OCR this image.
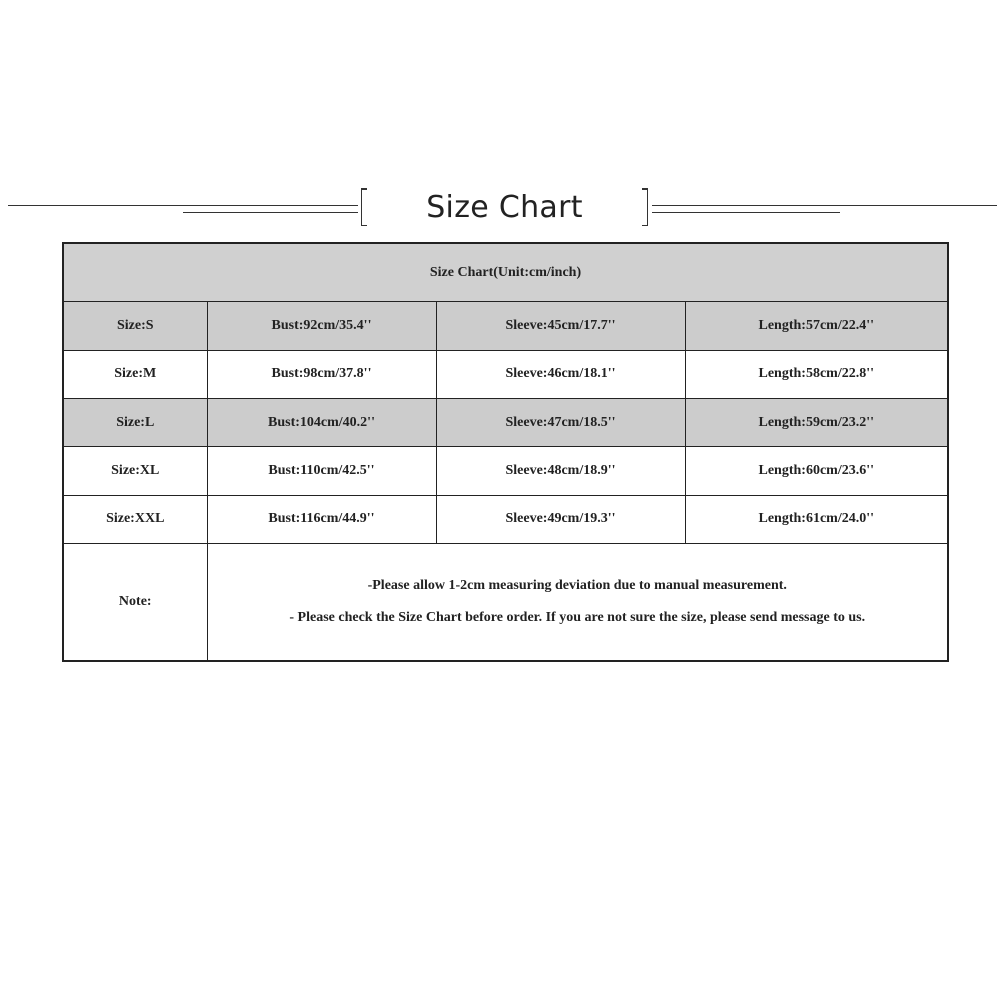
Size Chart
Size Chart(Unit:cm/inch)			
Size:S	Bust:92cm/35.4''	Sleeve:45cm/17.7''	Length:57cm/22.4''
Size:M	Bust:98cm/37.8''	Sleeve:46cm/18.1''	Length:58cm/22.8''
Size:L	Bust:104cm/40.2''	Sleeve:47cm/18.5''	Length:59cm/23.2''
Size:XL	Bust:110cm/42.5''	Sleeve:48cm/18.9''	Length:60cm/23.6''
Size:XXL	Bust:116cm/44.9''	Sleeve:49cm/19.3''	Length:61cm/24.0''
Note:	-Please allow 1-2cm measuring deviation due to manual measurement.
- Please check the Size Chart before order. If you are not sure the size, please send message to us.		
